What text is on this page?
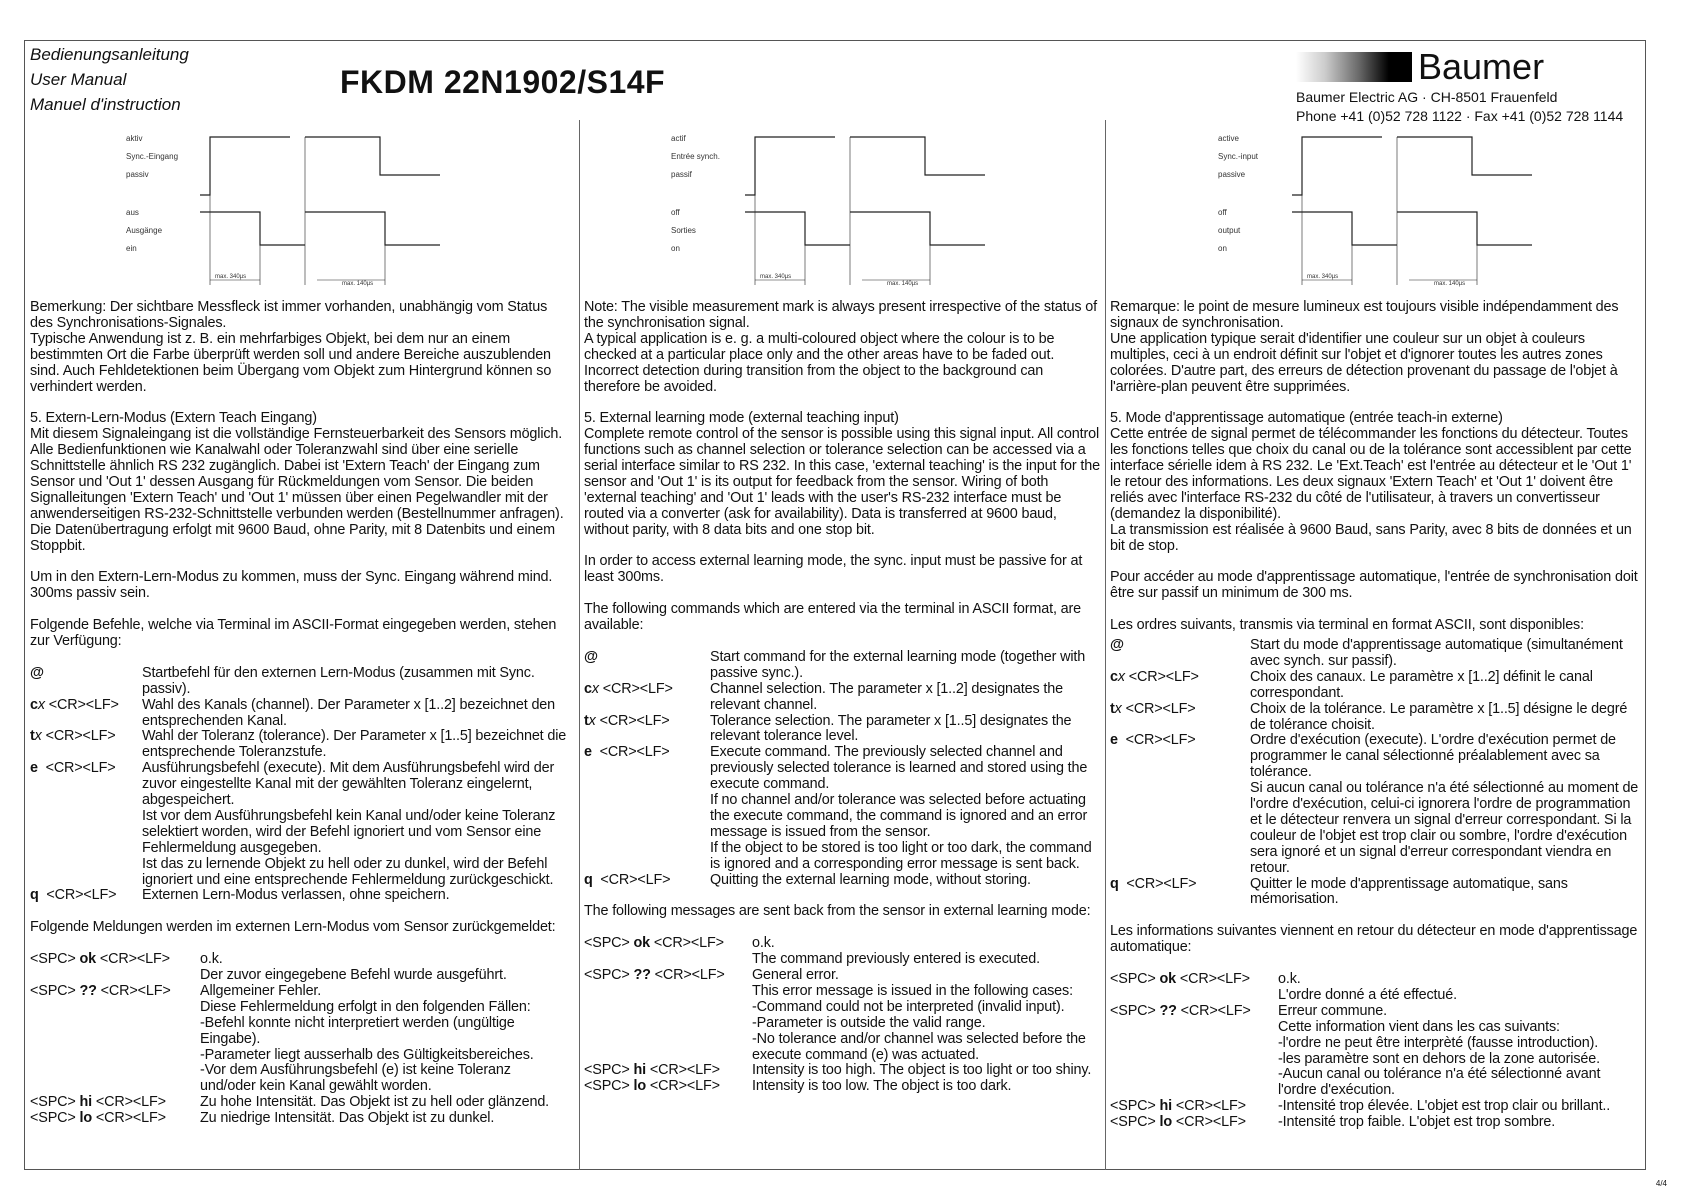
Bedienungsanleitung
User Manual
Manuel d'instruction
FKDM 22N1902/S14F	Baumer
Baumer Electric AG · CH-8501 Frauenfeld
Phone +41 (0)52 728 1122 · Fax +41 (0)52 728 1144
aktiv
Sync.-Eingang
passiv
aus
Ausgänge
ein
max. 340µs
max. 140µs
actif
Entrée synch.
passif
off
Sorties
on
max. 340µs
max. 140µs
active
Sync.-input
passive
off
output
on
max. 340µs
max. 140µs

Bemerkung: Der sichtbare Messfleck ist immer vorhanden, unabhängig vom Status des Synchronisations-Signales.

Typische Anwendung ist z. B. ein mehrfarbiges Objekt, bei dem nur an einem bestimmten Ort die Farbe überprüft werden soll und andere Bereiche auszublenden sind. Auch Fehldetektionen beim Übergang vom Objekt zum Hintergrund können so verhindert werden.

5. Extern-Lern-Modus (Extern Teach Eingang)

Mit diesem Signaleingang ist die vollständige Fernsteuerbarkeit des Sensors möglich. Alle Bedienfunktionen wie Kanalwahl oder Toleranzwahl sind über eine serielle Schnittstelle ähnlich RS 232 zugänglich. Dabei ist 'Extern Teach' der Eingang zum Sensor und 'Out 1' dessen Ausgang für Rückmeldungen vom Sensor. Die beiden Signalleitungen 'Extern Teach' und 'Out 1' müssen über einen Pegelwandler mit der anwenderseitigen RS-232-Schnittstelle verbunden werden (Bestellnummer anfragen). Die Datenübertragung erfolgt mit 9600 Baud, ohne Parity, mit 8 Datenbits und einem Stoppbit.

Um in den Extern-Lern-Modus zu kommen, muss der Sync. Eingang während mind. 300ms passiv sein.

Folgende Befehle, welche via Terminal im ASCII-Format eingegeben werden, stehen zur Verfügung:

@	Startbefehl für den externen Lern-Modus (zusammen mit Sync. passiv).
cx <CR><LF>	Wahl des Kanals (channel). Der Parameter x [1..2] bezeichnet den entsprechenden Kanal.
tx <CR><LF>	Wahl der Toleranz (tolerance). Der Parameter x [1..5] bezeichnet die entsprechende Toleranzstufe.
e <CR><LF>	Ausführungsbefehl (execute). Mit dem Ausführungsbefehl wird der zuvor eingestellte Kanal mit der gewählten Toleranz eingelernt, abgespeichert.
Ist vor dem Ausführungsbefehl kein Kanal und/oder keine Toleranz selektiert worden, wird der Befehl ignoriert und vom Sensor eine Fehlermeldung ausgegeben.
Ist das zu lernende Objekt zu hell oder zu dunkel, wird der Befehl ignoriert und eine entsprechende Fehlermeldung zurückgeschickt.
q <CR><LF>	Externen Lern-Modus verlassen, ohne speichern.

Folgende Meldungen werden im externen Lern-Modus vom Sensor zurückgemeldet:

<SPC> ok <CR><LF>	o.k.
Der zuvor eingegebene Befehl wurde ausgeführt.
<SPC> ?? <CR><LF>	Allgemeiner Fehler.
Diese Fehlermeldung erfolgt in den folgenden Fällen:
-Befehl konnte nicht interpretiert werden (ungültige Eingabe).
-Parameter liegt ausserhalb des Gültigkeitsbereiches.
-Vor dem Ausführungsbefehl (e) ist keine Toleranz und/oder kein Kanal gewählt worden.
<SPC> hi <CR><LF>	Zu hohe Intensität. Das Objekt ist zu hell oder glänzend.
<SPC> lo <CR><LF>	Zu niedrige Intensität. Das Objekt ist zu dunkel.

Note: The visible measurement mark is always present irrespective of the status of the synchronisation signal.

A typical application is e. g. a multi-coloured object where the colour is to be checked at a particular place only and the other areas have to be faded out. Incorrect detection during transition from the object to the background can therefore be avoided.

5. External learning mode (external teaching input)

Complete remote control of the sensor is possible using this signal input. All control functions such as channel selection or tolerance selection can be accessed via a serial interface similar to RS 232. In this case, 'external teaching' is the input for the sensor and 'Out 1' is its output for feedback from the sensor. Wiring of both 'external teaching' and 'Out 1' leads with the user's RS-232 interface must be routed via a converter (ask for availability). Data is transferred at 9600 baud, without parity, with 8 data bits and one stop bit.

In order to access external learning mode, the sync. input must be passive for at least 300ms.

The following commands which are entered via the terminal in ASCII format, are available:

@	Start command for the external learning mode (together with passive sync.).
cx <CR><LF>	Channel selection. The parameter x [1..2] designates the relevant channel.
tx <CR><LF>	Tolerance selection. The parameter x [1..5] designates the relevant tolerance level.
e <CR><LF>	Execute command. The previously selected channel and previously selected tolerance is learned and stored using the execute command.
If no channel and/or tolerance was selected before actuating the execute command, the command is ignored and an error message is issued from the sensor.
If the object to be stored is too light or too dark, the command is ignored and a corresponding error message is sent back.
q <CR><LF>	Quitting the external learning mode, without storing.

The following messages are sent back from the sensor in external learning mode:

<SPC> ok <CR><LF>	o.k.
The command previously entered is executed.
<SPC> ?? <CR><LF>	General error.
This error message is issued in the following cases:
-Command could not be interpreted (invalid input).
-Parameter is outside the valid range.
-No tolerance and/or channel was selected before the execute command (e) was actuated.
<SPC> hi <CR><LF>	Intensity is too high. The object is too light or too shiny.
<SPC> lo <CR><LF>	Intensity is too low. The object is too dark.

Remarque: le point de mesure lumineux est toujours visible indépendamment des signaux de synchronisation.

Une application typique serait d'identifier une couleur sur un objet à couleurs multiples, ceci à un endroit définit sur l'objet et d'ignorer toutes les autres zones colorées. D'autre part, des erreurs de détection provenant du passage de l'objet à l'arrière-plan peuvent être supprimées.

5. Mode d'apprentissage automatique (entrée teach-in externe)

Cette entrée de signal permet de télécommander les fonctions du détecteur. Toutes les fonctions telles que choix du canal ou de la tolérance sont accessiblent par cette interface sérielle idem à RS 232. Le 'Ext.Teach' est l'entrée au détecteur et le 'Out 1' le retour des informations. Les deux signaux 'Extern Teach' et 'Out 1' doivent être reliés avec l'interface RS-232 du côté de l'utilisateur, à travers un convertisseur (demandez la disponibilité).

La transmission est réalisée à 9600 Baud, sans Parity, avec 8 bits de données et un bit de stop.

Pour accéder au mode d'apprentissage automatique, l'entrée de synchronisation doit être sur passif un minimum de 300 ms.

Les ordres suivants, transmis via terminal en format ASCII, sont disponibles:

@	Start du mode d'apprentissage automatique (simultanément avec synch. sur passif).
cx <CR><LF>	Choix des canaux. Le paramètre x [1..2] définit le canal correspondant.
tx <CR><LF>	Choix de la tolérance. Le paramètre x [1..5] désigne le degré de tolérance choisit.
e <CR><LF>	Ordre d'exécution (execute). L'ordre d'exécution permet de programmer le canal sélectionné préalablement avec sa tolérance.
Si aucun canal ou tolérance n'a été sélectionné au moment de l'ordre d'exécution, celui-ci ignorera l'ordre de programmation et le détecteur renvera un signal d'erreur correspondant. Si la couleur de l'objet est trop clair ou sombre, l'ordre d'exécution sera ignoré et un signal d'erreur correspondant viendra en retour.
q <CR><LF>	Quitter le mode d'apprentissage automatique, sans mémorisation.

Les informations suivantes viennent en retour du détecteur en mode d'apprentissage automatique:

<SPC> ok <CR><LF>	o.k.
L'ordre donné a été effectué.
<SPC> ?? <CR><LF>	Erreur commune.
Cette information vient dans les cas suivants:
-l'ordre ne peut être interprèté (fausse introduction).
-les paramètre sont en dehors de la zone autorisée.
-Aucun canal ou tolérance n'a été sélectionné avant l'ordre d'exécution.
<SPC> hi <CR><LF>	-Intensité trop élevée. L'objet est trop clair ou brillant..
<SPC> lo <CR><LF>	-Intensité trop faible. L'objet est trop sombre.
4/4
